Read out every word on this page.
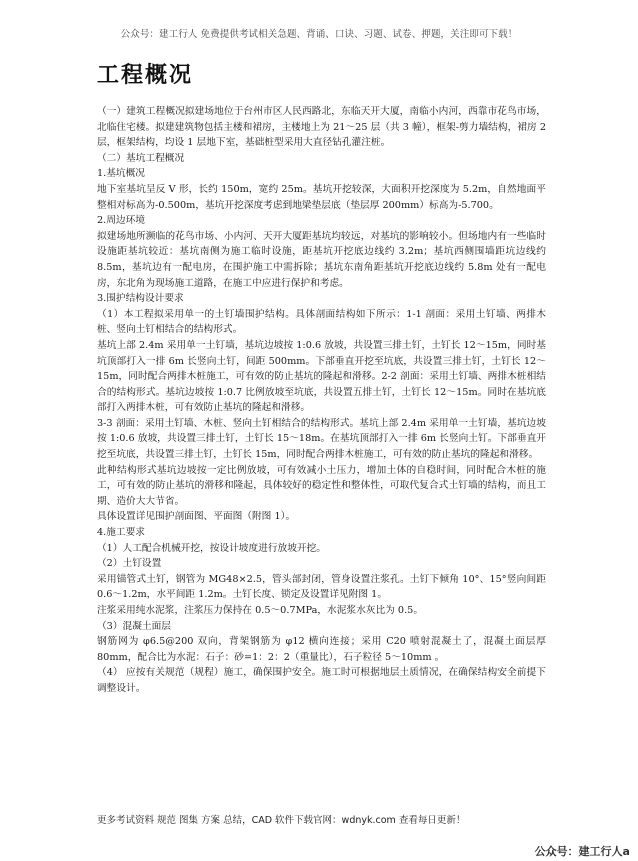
公众号：建工行人 免费提供考试相关急题、背诵、口诀、习题、试卷、押题，关注即可下载！
工程概况

（一）建筑工程概况拟建场地位于台州市区人民西路北，东临天开大厦，南临小内河，西靠市花鸟市场，北临住宅楼。拟建建筑物包括主楼和裙房，主楼地上为 21～25 层（共 3 幢），框架-剪力墙结构，裙房 2 层，框架结构，均设 1 层地下室，基础桩型采用大直径钻孔灌注桩。

（二）基坑工程概况

1.基坑概况

地下室基坑呈反 V 形，长约 150m，宽约 25m。基坑开挖较深，大面积开挖深度为 5.2m，自然地面平整相对标高为-0.500m，基坑开挖深度考虑到地梁垫层底（垫层厚 200mm）标高为-5.700。

2.周边环境

拟建场地所濒临的花鸟市场、小内河、天开大厦距基坑均较远，对基坑的影响较小。但场地内有一些临时设施距基坑较近：基坑南侧为施工临时设施，距基坑开挖底边线约 3.2m；基坑西侧围墙距坑边线约 8.5m，基坑边有一配电房，在围护施工中需拆除；基坑东南角距基坑开挖底边线约 5.8m 处有一配电房，东北角为现场施工道路，在施工中应进行保护和考虑。

3.围护结构设计要求

（1）本工程拟采用单一的土钉墙围护结构。具体剖面结构如下所示：1-1 剖面：采用土钉墙、两排木桩、竖向土钉相结合的结构形式。

基坑上部 2.4m 采用单一土钉墙，基坑边坡按 1:0.6 放坡，共设置三排土钉，土钉长 12～15m，同时基坑顶部打入一排 6m 长竖向土钉，间距 500mm。下部垂直开挖至坑底，共设置三排土钉，土钉长 12～15m，同时配合两排木桩施工，可有效的防止基坑的隆起和滑移。2-2 剖面：采用土钉墙、两排木桩相结合的结构形式。基坑边坡按 1:0.7 比例放坡至坑底，共设置五排土钉，土钉长 12～15m。同时在基坑底部打入两排木桩，可有效防止基坑的隆起和滑移。

3-3 剖面：采用土钉墙、木桩、竖向土钉相结合的结构形式。基坑上部 2.4m 采用单一土钉墙，基坑边坡按 1:0.6 放坡，共设置三排土钉，土钉长 15～18m。在基坑顶部打入一排 6m 长竖向土钉。下部垂直开挖至坑底，共设置三排土钉，土钉长 15m，同时配合两排木桩施工，可有效的防止基坑的隆起和滑移。

此种结构形式基坑边坡按一定比例放坡，可有效减小土压力，增加土体的自稳时间，同时配合木桩的施工，可有效的防止基坑的滑移和隆起，具体较好的稳定性和整体性，可取代复合式土钉墙的结构，而且工期、造价大大节省。

具体设置详见围护剖面图、平面图（附图 1）。

4.施工要求

（1）人工配合机械开挖，按设计坡度进行放坡开挖。

（2）土钉设置

采用锚管式土钉，钢管为 MG48×2.5，管头部封闭，管身设置注浆孔。土钉下倾角 10°、15°竖向间距 0.6～1.2m，水平间距 1.2m。土钉长度、锁定及设置详见附图 1。

注浆采用纯水泥浆，注浆压力保持在 0.5～0.7MPa，水泥浆水灰比为 0.5。

（3）混凝土面层

钢筋网为 φ6.5@200 双向，背架钢筋为 φ12 横向连接；采用 C20 喷射混凝土了，混凝土面层厚 80mm，配合比为水泥：石子：砂=1：2：2（重量比），石子粒径 5～10mm 。

（4） 应按有关规范（规程）施工，确保围护安全。施工时可根据地层土质情况，在确保结构安全前提下调整设计。

更多考试资料 规范 图集 方案 总结，CAD 软件下载官网：wdnyk.com 查看每日更新！
公众号：建工行人a
